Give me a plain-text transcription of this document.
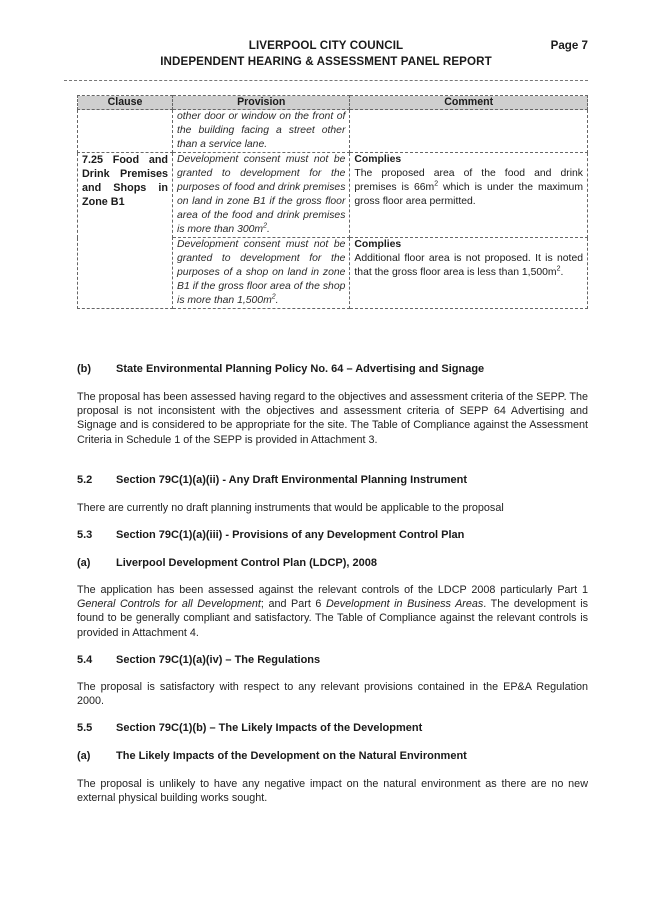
LIVERPOOL CITY COUNCIL
INDEPENDENT HEARING & ASSESSMENT PANEL REPORT
Page 7
Clause	Provision	Comment
	other door or window on the front of the building facing a street other than a service lane.	
7.25 Food and Drink Premises and Shops in Zone B1	Development consent must not be granted to development for the purposes of food and drink premises on land in zone B1 if the gross floor area of the food and drink premises is more than $300m^2$.	Complies
The proposed area of the food and drink premises is $66m^2$ which is under the maximum gross floor area permitted.
	Development consent must not be granted to development for the purposes of a shop on land in zone B1 if the gross floor area of the shop is more than $1,500m^2$.	Complies
Additional floor area is not proposed. It is noted that the gross floor area is less than $1,500m^2$.
(b) State Environmental Planning Policy No. 64 – Advertising and Signage
The proposal has been assessed having regard to the objectives and assessment criteria of the SEPP. The proposal is not inconsistent with the objectives and assessment criteria of SEPP 64 Advertising and Signage and is considered to be appropriate for the site. The Table of Compliance against the Assessment Criteria in Schedule 1 of the SEPP is provided in Attachment 3.
5.2 Section 79C(1)(a)(ii) - Any Draft Environmental Planning Instrument
There are currently no draft planning instruments that would be applicable to the proposal
5.3 Section 79C(1)(a)(iii) - Provisions of any Development Control Plan
(a) Liverpool Development Control Plan (LDCP), 2008
The application has been assessed against the relevant controls of the LDCP 2008 particularly Part 1 General Controls for all Development; and Part 6 Development in Business Areas. The development is found to be generally compliant and satisfactory. The Table of Compliance against the relevant controls is provided in Attachment 4.
5.4 Section 79C(1)(a)(iv) – The Regulations
The proposal is satisfactory with respect to any relevant provisions contained in the EP&A Regulation 2000.
5.5 Section 79C(1)(b) – The Likely Impacts of the Development
(a) The Likely Impacts of the Development on the Natural Environment
The proposal is unlikely to have any negative impact on the natural environment as there are no new external physical building works sought.
